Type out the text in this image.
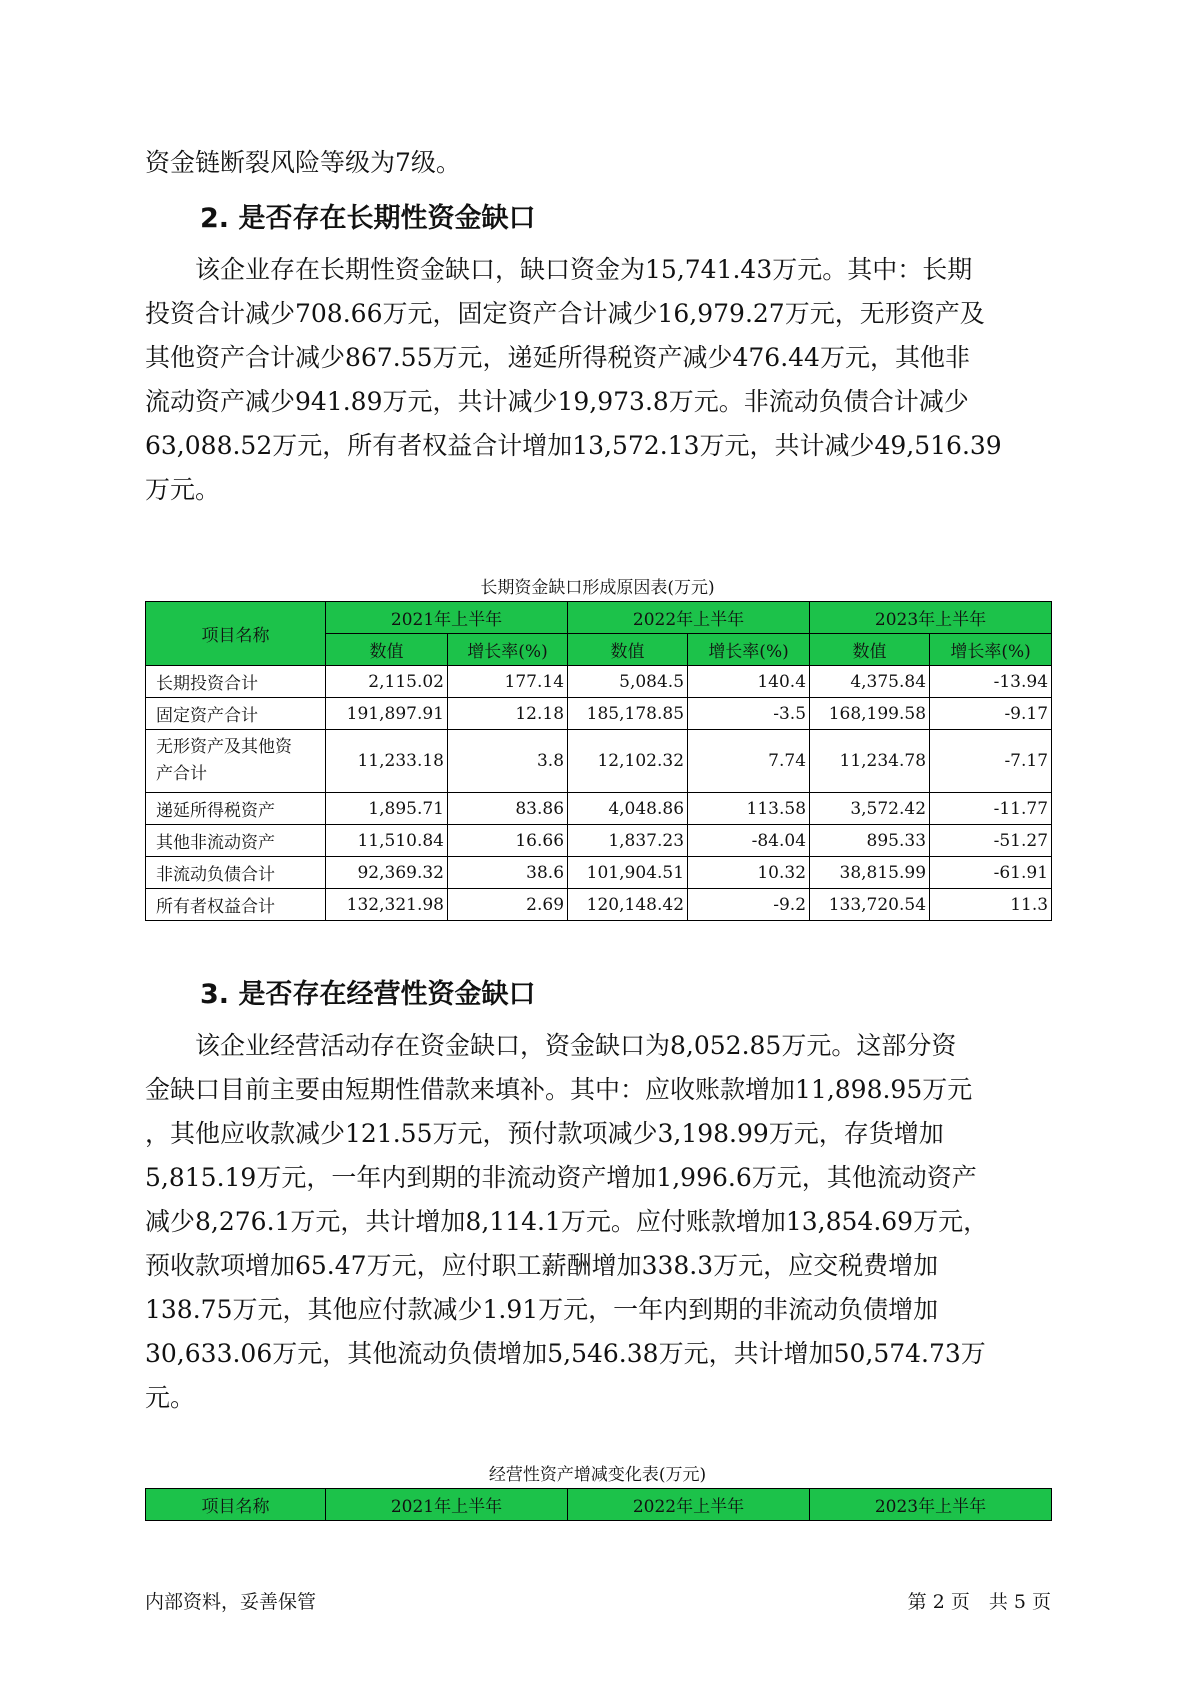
资金链断裂风险等级为7级。

2. 是否存在长期性资金缺口

　　该企业存在长期性资金缺口，缺口资金为15,741.43万元。其中：长期
投资合计减少708.66万元，固定资产合计减少16,979.27万元，无形资产及
其他资产合计减少867.55万元，递延所得税资产减少476.44万元，其他非
流动资产减少941.89万元，共计减少19,973.8万元。非流动负债合计减少
63,088.52万元，所有者权益合计增加13,572.13万元，共计减少49,516.39
万元。

长期资金缺口形成原因表(万元)

项目名称	2021年上半年		2022年上半年		2023年上半年	
	数值	增长率(%)	数值	增长率(%)	数值	增长率(%)
长期投资合计	2,115.02	177.14	5,084.5	140.4	4,375.84	-13.94
固定资产合计	191,897.91	12.18	185,178.85	-3.5	168,199.58	-9.17
无形资产及其他资
产合计	11,233.18	3.8	12,102.32	7.74	11,234.78	-7.17
递延所得税资产	1,895.71	83.86	4,048.86	113.58	3,572.42	-11.77
其他非流动资产	11,510.84	16.66	1,837.23	-84.04	895.33	-51.27
非流动负债合计	92,369.32	38.6	101,904.51	10.32	38,815.99	-61.91
所有者权益合计	132,321.98	2.69	120,148.42	-9.2	133,720.54	11.3
3. 是否存在经营性资金缺口

　　该企业经营活动存在资金缺口，资金缺口为8,052.85万元。这部分资
金缺口目前主要由短期性借款来填补。其中：应收账款增加11,898.95万元
，其他应收款减少121.55万元，预付款项减少3,198.99万元，存货增加
5,815.19万元，一年内到期的非流动资产增加1,996.6万元，其他流动资产
减少8,276.1万元，共计增加8,114.1万元。应付账款增加13,854.69万元，
预收款项增加65.47万元，应付职工薪酬增加338.3万元，应交税费增加
138.75万元，其他应付款减少1.91万元，一年内到期的非流动负债增加
30,633.06万元，其他流动负债增加5,546.38万元，共计增加50,574.73万
元。

经营性资产增减变化表(万元)

项目名称	2021年上半年	2022年上半年	2023年上半年

内部资料，妥善保管	第 2 页　共 5 页
